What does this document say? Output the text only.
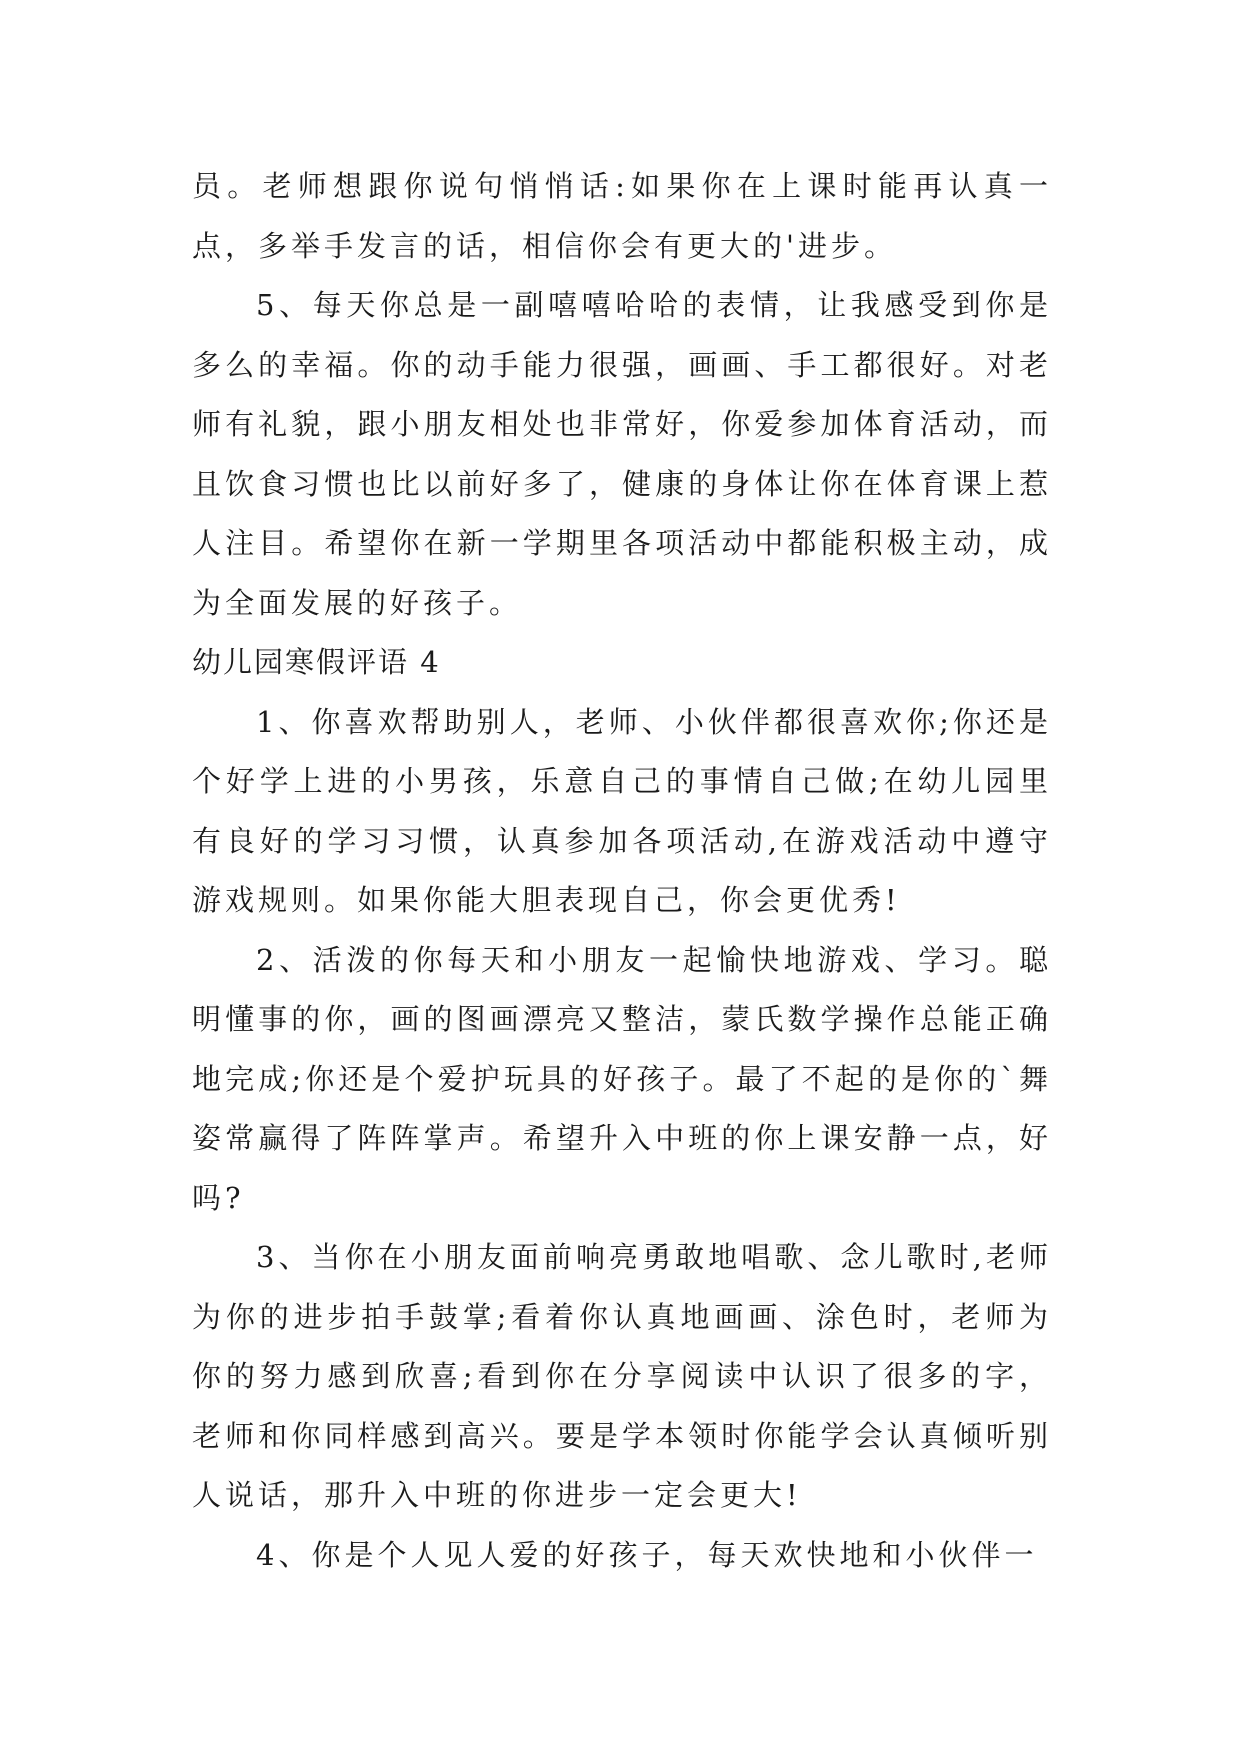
员。老师想跟你说句悄悄话:如果你在上课时能再认真一点，多举手发言的话，相信你会有更大的'进步。

5、每天你总是一副嘻嘻哈哈的表情，让我感受到你是多么的幸福。你的动手能力很强，画画、手工都很好。对老师有礼貌，跟小朋友相处也非常好，你爱参加体育活动，而且饮食习惯也比以前好多了，健康的身体让你在体育课上惹人注目。希望你在新一学期里各项活动中都能积极主动，成为全面发展的好孩子。

幼儿园寒假评语 4

1、你喜欢帮助别人，老师、小伙伴都很喜欢你;你还是个好学上进的小男孩，乐意自己的事情自己做;在幼儿园里有良好的学习习惯，认真参加各项活动,在游戏活动中遵守游戏规则。如果你能大胆表现自己，你会更优秀!

2、活泼的你每天和小朋友一起愉快地游戏、学习。聪明懂事的你，画的图画漂亮又整洁，蒙氏数学操作总能正确地完成;你还是个爱护玩具的好孩子。最了不起的是你的`舞姿常赢得了阵阵掌声。希望升入中班的你上课安静一点，好吗?

3、当你在小朋友面前响亮勇敢地唱歌、念儿歌时,老师为你的进步拍手鼓掌;看着你认真地画画、涂色时，老师为你的努力感到欣喜;看到你在分享阅读中认识了很多的字，老师和你同样感到高兴。要是学本领时你能学会认真倾听别人说话，那升入中班的你进步一定会更大!

4、你是个人见人爱的好孩子，每天欢快地和小伙伴一
